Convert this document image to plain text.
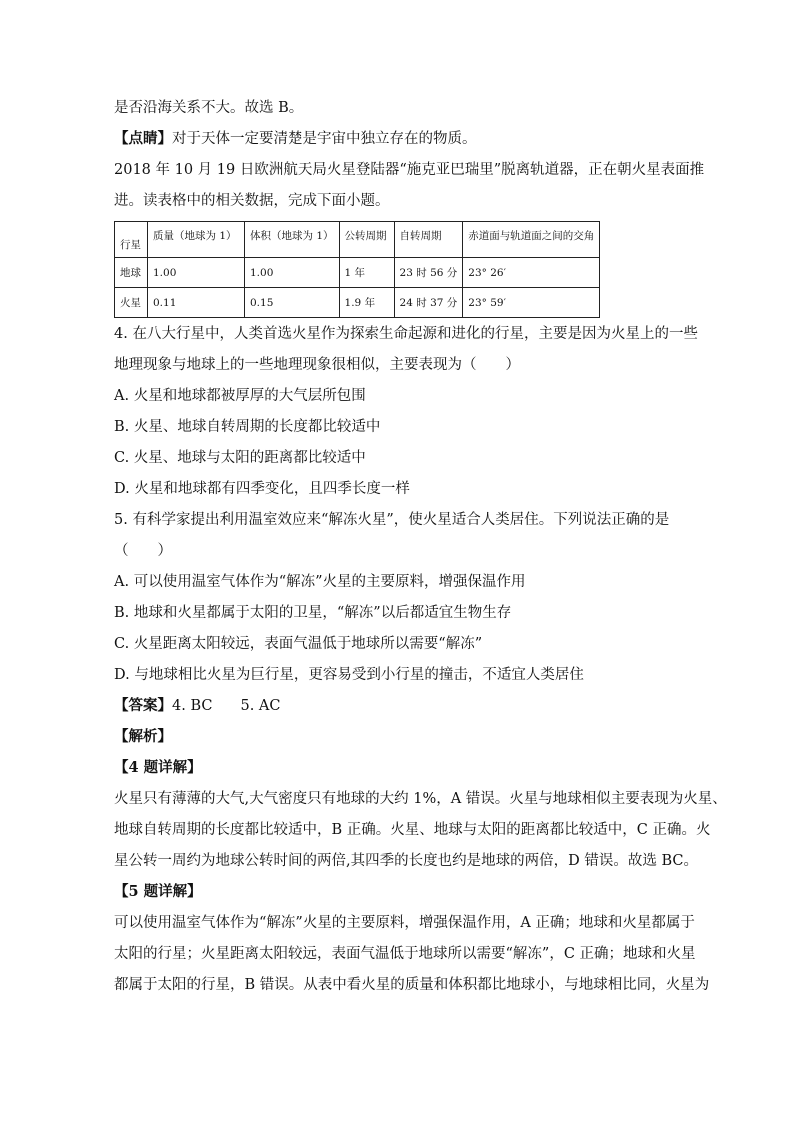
是否沿海关系不大。故选 B。

【点睛】对于天体一定要清楚是宇宙中独立存在的物质。

2018 年 10 月 19 日欧洲航天局火星登陆器“施克亚巴瑞里”脱离轨道器，正在朝火星表面推

进。读表格中的相关数据，完成下面小题。

行星	质量（地球为 1）	体积（地球为 1）	公转周期	自转周期	赤道面与轨道面之间的交角
地球	1.00	1.00	1 年	23 时 56 分	23° 26′
火星	0.11	0.15	1.9 年	24 时 37 分	23° 59′

4. 在八大行星中，人类首选火星作为探索生命起源和进化的行星，主要是因为火星上的一些

地理现象与地球上的一些地理现象很相似，主要表现为（　　）

A. 火星和地球都被厚厚的大气层所包围

B. 火星、地球自转周期的长度都比较适中

C. 火星、地球与太阳的距离都比较适中

D. 火星和地球都有四季变化，且四季长度一样

5. 有科学家提出利用温室效应来“解冻火星”，使火星适合人类居住。下列说法正确的是

（　　）

A. 可以使用温室气体作为“解冻”火星的主要原料，增强保温作用

B. 地球和火星都属于太阳的卫星，“解冻”以后都适宜生物生存

C. 火星距离太阳较远，表面气温低于地球所以需要“解冻”

D. 与地球相比火星为巨行星，更容易受到小行星的撞击，不适宜人类居住

【答案】4. BC 5. AC

【解析】

【4 题详解】

火星只有薄薄的大气,大气密度只有地球的大约 1%，A 错误。火星与地球相似主要表现为火星、

地球自转周期的长度都比较适中，B 正确。火星、地球与太阳的距离都比较适中，C 正确。火

星公转一周约为地球公转时间的两倍,其四季的长度也约是地球的两倍，D 错误。故选 BC。

【5 题详解】

可以使用温室气体作为“解冻”火星的主要原料，增强保温作用，A 正确；地球和火星都属于

太阳的行星；火星距离太阳较远，表面气温低于地球所以需要“解冻”，C 正确；地球和火星

都属于太阳的行星，B 错误。从表中看火星的质量和体积都比地球小，与地球相比同，火星为
